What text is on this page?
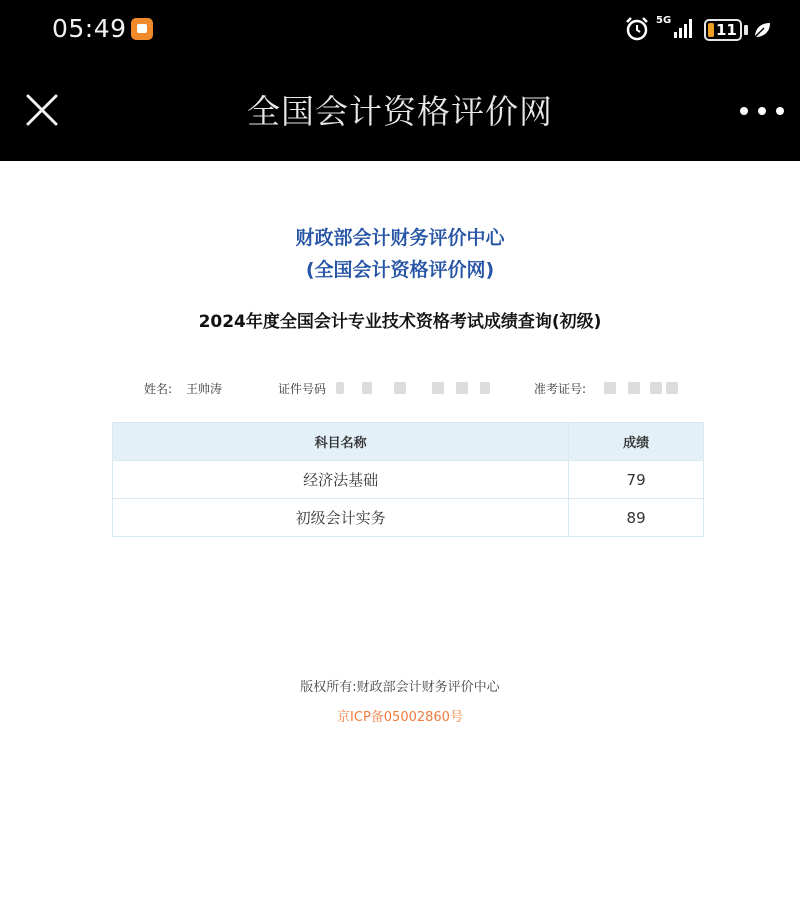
05:49	5G
11
全国会计资格评价网
财政部会计财务评价中心
(全国会计资格评价网)
2024年度全国会计专业技术资格考试成绩查询(初级)
姓名: 王帅涛	证件号码	准考证号:
科目名称	成绩
经济法基础	79
初级会计实务	89
版权所有:财政部会计财务评价中心
京ICP备05002860号
